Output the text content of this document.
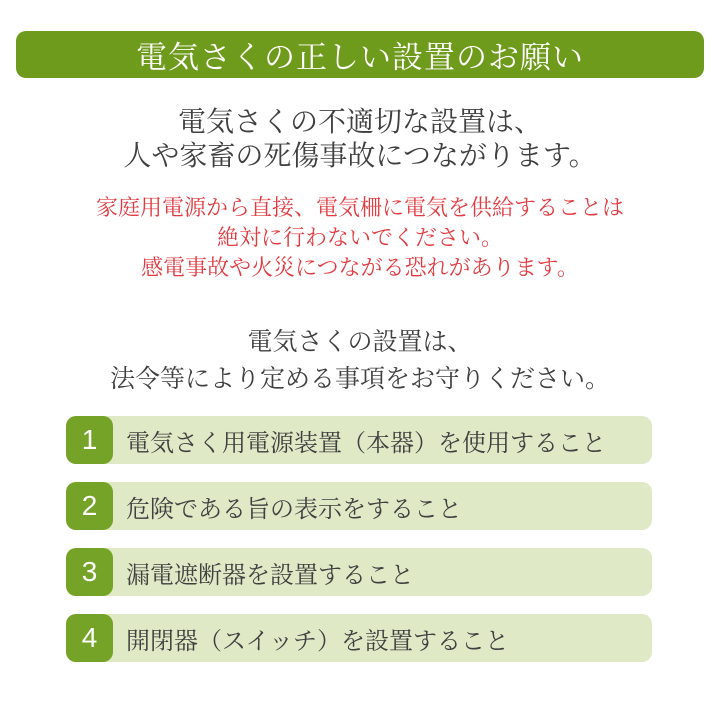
電気さくの正しい設置のお願い
電気さくの不適切な設置は、
人や家畜の死傷事故につながります。
家庭用電源から直接、電気柵に電気を供給することは
絶対に行わないでください。
感電事故や火災につながる恐れがあります。
電気さくの設置は、
法令等により定める事項をお守りください。
1 電気さく用電源装置（本器）を使用すること
2 危険である旨の表示をすること
3 漏電遮断器を設置すること
4 開閉器（スイッチ）を設置すること
